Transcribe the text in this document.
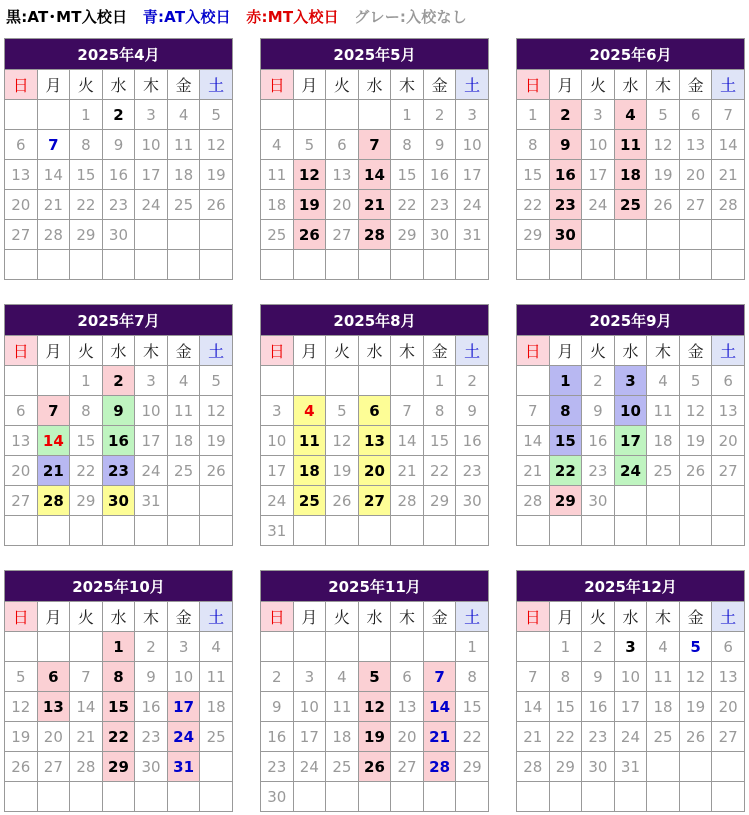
黒:AT･MT入校日 青:AT入校日 赤:MT入校日 グレー:入校なし
2025年4月						
日	月	火	水	木	金	土
		1	2	3	4	5
6	7	8	9	10	11	12
13	14	15	16	17	18	19
20	21	22	23	24	25	26
27	28	29	30			

2025年5月						
日	月	火	水	木	金	土
				1	2	3
4	5	6	7	8	9	10
11	12	13	14	15	16	17
18	19	20	21	22	23	24
25	26	27	28	29	30	31

2025年6月						
日	月	火	水	木	金	土
1	2	3	4	5	6	7
8	9	10	11	12	13	14
15	16	17	18	19	20	21
22	23	24	25	26	27	28
29	30					

2025年7月						
日	月	火	水	木	金	土
		1	2	3	4	5
6	7	8	9	10	11	12
13	14	15	16	17	18	19
20	21	22	23	24	25	26
27	28	29	30	31		

2025年8月						
日	月	火	水	木	金	土
					1	2
3	4	5	6	7	8	9
10	11	12	13	14	15	16
17	18	19	20	21	22	23
24	25	26	27	28	29	30
31						
2025年9月						
日	月	火	水	木	金	土
	1	2	3	4	5	6
7	8	9	10	11	12	13
14	15	16	17	18	19	20
21	22	23	24	25	26	27
28	29	30				

2025年10月						
日	月	火	水	木	金	土
			1	2	3	4
5	6	7	8	9	10	11
12	13	14	15	16	17	18
19	20	21	22	23	24	25
26	27	28	29	30	31	

2025年11月						
日	月	火	水	木	金	土
						1
2	3	4	5	6	7	8
9	10	11	12	13	14	15
16	17	18	19	20	21	22
23	24	25	26	27	28	29
30						
2025年12月						
日	月	火	水	木	金	土
	1	2	3	4	5	6
7	8	9	10	11	12	13
14	15	16	17	18	19	20
21	22	23	24	25	26	27
28	29	30	31			
